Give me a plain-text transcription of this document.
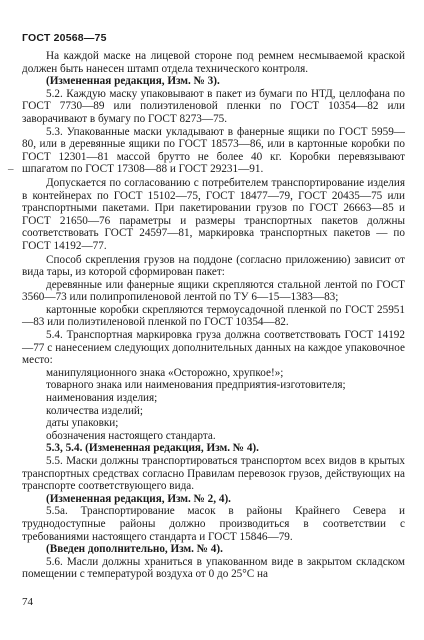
ГОСТ 20568—75
_

На каждой маске на лицевой стороне под ремнем несмываемой краской должен быть нанесен штамп отдела технического контроля.

(Измененная редакция, Изм. № 3).

5.2. Каждую маску упаковывают в пакет из бумаги по НТД, целлофана по ГОСТ 7730—89 или полиэтиленовой пленки по ГОСТ 10354—82 или заворачивают в бумагу по ГОСТ 8273—75.

5.3. Упакованные маски укладывают в фанерные ящики по ГОСТ 5959—80, или в деревянные ящики по ГОСТ 18573—86, или в картонные коробки по ГОСТ 12301—81 массой брутто не более 40 кг. Коробки перевязывают шпагатом по ГОСТ 17308—88 и ГОСТ 29231—91.

Допускается по согласованию с потребителем транспортирование изделия в контейнерах по ГОСТ 15102—75, ГОСТ 18477—79, ГОСТ 20435—75 или транспортными пакетами. При пакетировании грузов по ГОСТ 26663—85 и ГОСТ 21650—76 параметры и размеры транспортных пакетов должны соответствовать ГОСТ 24597—81, маркировка транспортных пакетов — по ГОСТ 14192—77.

Способ скрепления грузов на поддоне (согласно приложению) зависит от вида тары, из которой сформирован пакет:

деревянные или фанерные ящики скрепляются стальной лентой по ГОСТ 3560—73 или полипропиленовой лентой по ТУ 6—15—1383—83;

картонные коробки скрепляются термоусадочной пленкой по ГОСТ 25951—83 или полиэтиленовой пленкой по ГОСТ 10354—82.

5.4. Транспортная маркировка груза должна соответствовать ГОСТ 14192—77 с нанесением следующих дополнительных данных на каждое упаковочное место:

манипуляционного знака «Осторожно, хрупкое!»;

товарного знака или наименования предприятия-изготовителя;

наименования изделия;

количества изделий;

даты упаковки;

обозначения настоящего стандарта.

5.3, 5.4. (Измененная редакция, Изм. № 4).

5.5. Маски должны транспортироваться транспортом всех видов в крытых транспортных средствах согласно Правилам перевозок грузов, действующих на транспорте соответствующего вида.

(Измененная редакция, Изм. № 2, 4).

5.5а. Транспортирование масок в районы Крайнего Севера и труднодоступные районы должно производиться в соответствии с требованиями настоящего стандарта и ГОСТ 15846—79.

(Введен дополнительно, Изм. № 4).

5.6. Масли должны храниться в упакованном виде в закрытом складском помещении с температурой воздуха от 0 до 25°С на

74
